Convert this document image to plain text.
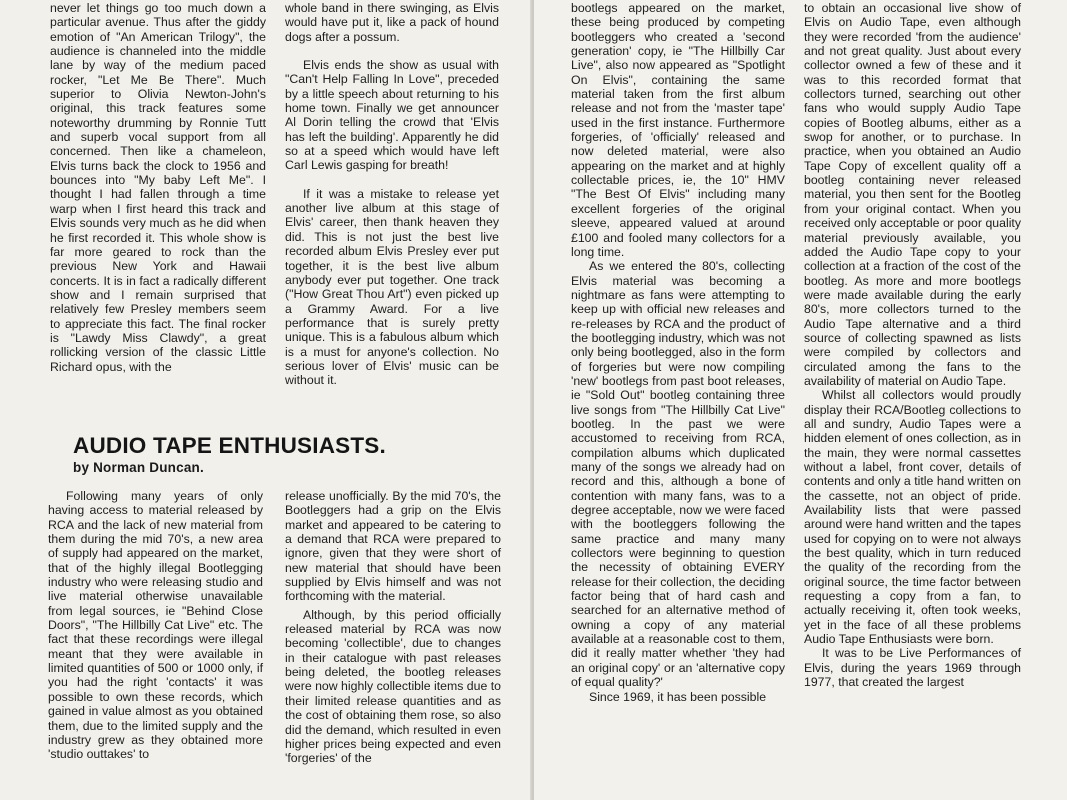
never let things go too much down a particular avenue. Thus after the giddy emotion of "An American Trilogy", the audience is channeled into the middle lane by way of the medium paced rocker, "Let Me Be There". Much superior to Olivia Newton-John's original, this track features some noteworthy drumming by Ronnie Tutt and superb vocal support from all concerned. Then like a chameleon, Elvis turns back the clock to 1956 and bounces into "My baby Left Me". I thought I had fallen through a time warp when I first heard this track and Elvis sounds very much as he did when he first recorded it. This whole show is far more geared to rock than the previous New York and Hawaii concerts. It is in fact a radically different show and I remain surprised that relatively few Presley members seem to appreciate this fact. The final rocker is "Lawdy Miss Clawdy", a great rollicking version of the classic Little Richard opus, with the

whole band in there swinging, as Elvis would have put it, like a pack of hound dogs after a possum.

Elvis ends the show as usual with "Can't Help Falling In Love", preceded by a little speech about returning to his home town. Finally we get announcer Al Dorin telling the crowd that 'Elvis has left the building'. Apparently he did so at a speed which would have left Carl Lewis gasping for breath!

If it was a mistake to release yet another live album at this stage of Elvis' career, then thank heaven they did. This is not just the best live recorded album Elvis Presley ever put together, it is the best live album anybody ever put together. One track ("How Great Thou Art") even picked up a Grammy Award. For a live performance that is surely pretty unique. This is a fabulous album which is a must for anyone's collection. No serious lover of Elvis' music can be without it.

AUDIO TAPE ENTHUSIASTS.
by Norman Duncan.

Following many years of only having access to material released by RCA and the lack of new material from them during the mid 70's, a new area of supply had appeared on the market, that of the highly illegal Bootlegging industry who were releasing studio and live material otherwise unavailable from legal sources, ie "Behind Close Doors", "The Hillbilly Cat Live" etc. The fact that these recordings were illegal meant that they were available in limited quantities of 500 or 1000 only, if you had the right 'contacts' it was possible to own these records, which gained in value almost as you obtained them, due to the limited supply and the industry grew as they obtained more 'studio outtakes' to

release unofficially. By the mid 70's, the Bootleggers had a grip on the Elvis market and appeared to be catering to a demand that RCA were prepared to ignore, given that they were short of new material that should have been supplied by Elvis himself and was not forthcoming with the material.

Although, by this period officially released material by RCA was now becoming 'collectible', due to changes in their catalogue with past releases being deleted, the bootleg releases were now highly collectible items due to their limited release quantities and as the cost of obtaining them rose, so also did the demand, which resulted in even higher prices being expected and even 'forgeries' of the

bootlegs appeared on the market, these being produced by competing bootleggers who created a 'second generation' copy, ie "The Hillbilly Car Live", also now appeared as "Spotlight On Elvis", containing the same material taken from the first album release and not from the 'master tape' used in the first instance. Furthermore forgeries, of 'officially' released and now deleted material, were also appearing on the market and at highly collectable prices, ie, the 10" HMV "The Best Of Elvis" including many excellent forgeries of the original sleeve, appeared valued at around £100 and fooled many collectors for a long time.

As we entered the 80's, collecting Elvis material was becoming a nightmare as fans were attempting to keep up with official new releases and re-releases by RCA and the product of the bootlegging industry, which was not only being bootlegged, also in the form of forgeries but were now compiling 'new' bootlegs from past boot releases, ie "Sold Out" bootleg containing three live songs from "The Hillbilly Cat Live" bootleg. In the past we were accustomed to receiving from RCA, compilation albums which duplicated many of the songs we already had on record and this, although a bone of contention with many fans, was to a degree acceptable, now we were faced with the bootleggers following the same practice and many many collectors were beginning to question the necessity of obtaining EVERY release for their collection, the deciding factor being that of hard cash and searched for an alternative method of owning a copy of any material available at a reasonable cost to them, did it really matter whether 'they had an original copy' or an 'alternative copy of equal quality?'

Since 1969, it has been possible

to obtain an occasional live show of Elvis on Audio Tape, even although they were recorded 'from the audience' and not great quality. Just about every collector owned a few of these and it was to this recorded format that collectors turned, searching out other fans who would supply Audio Tape copies of Bootleg albums, either as a swop for another, or to purchase. In practice, when you obtained an Audio Tape Copy of excellent quality off a bootleg containing never released material, you then sent for the Bootleg from your original contact. When you received only acceptable or poor quality material previously available, you added the Audio Tape copy to your collection at a fraction of the cost of the bootleg. As more and more bootlegs were made available during the early 80's, more collectors turned to the Audio Tape alternative and a third source of collecting spawned as lists were compiled by collectors and circulated among the fans to the availability of material on Audio Tape.

Whilst all collectors would proudly display their RCA/Bootleg collections to all and sundry, Audio Tapes were a hidden element of ones collection, as in the main, they were normal cassettes without a label, front cover, details of contents and only a title hand written on the cassette, not an object of pride. Availability lists that were passed around were hand written and the tapes used for copying on to were not always the best quality, which in turn reduced the quality of the recording from the original source, the time factor between requesting a copy from a fan, to actually receiving it, often took weeks, yet in the face of all these problems Audio Tape Enthusiasts were born.

It was to be Live Performances of Elvis, during the years 1969 through 1977, that created the largest
